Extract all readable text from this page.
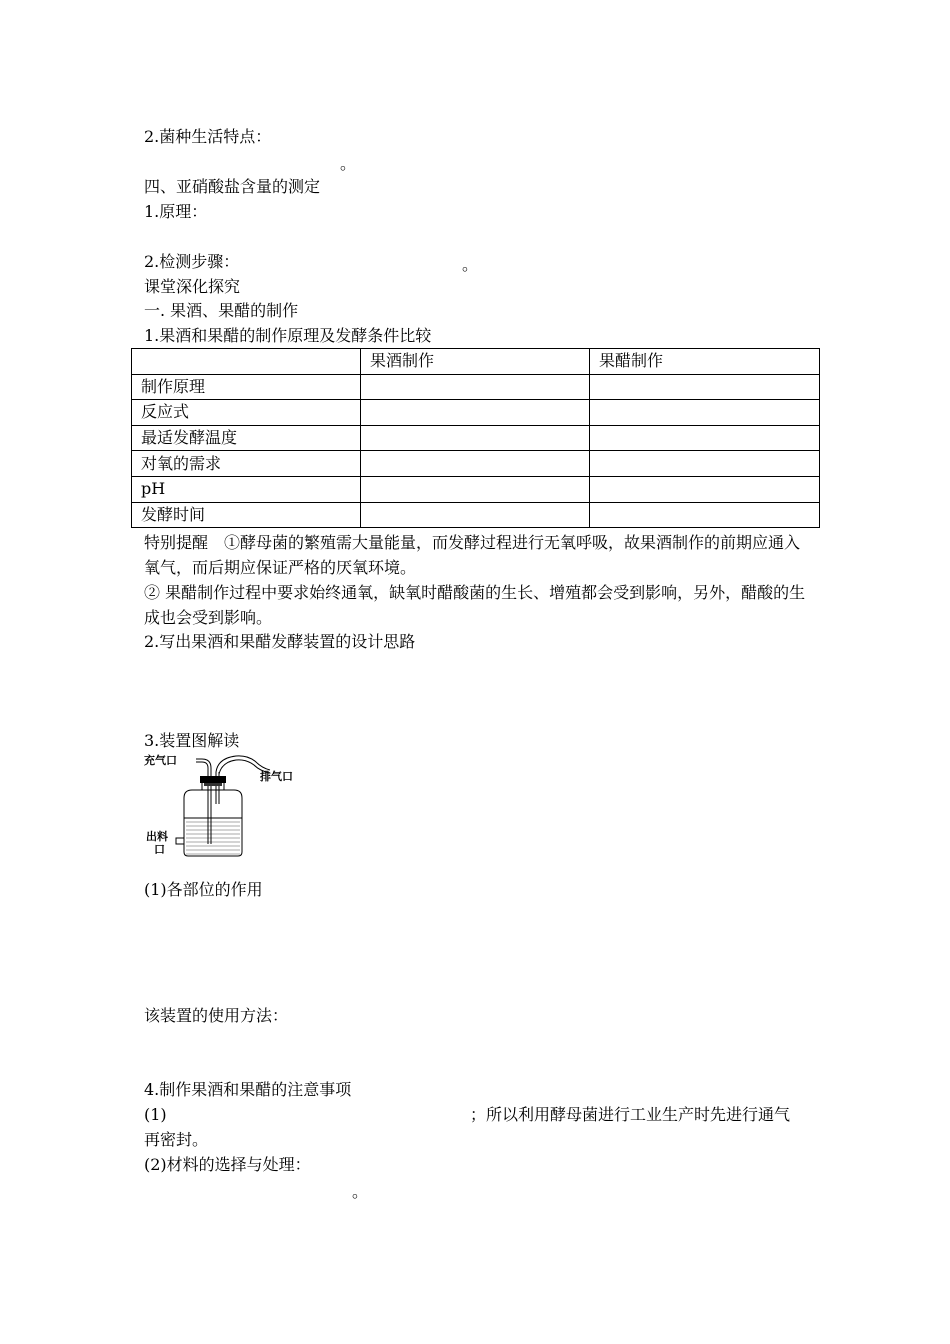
2.菌种生活特点：
。
四、亚硝酸盐含量的测定
1.原理：
2.检测步骤：	。
课堂深化探究
一. 果酒、果醋的制作
1.果酒和果醋的制作原理及发酵条件比较
	果酒制作	果醋制作
制作原理		
反应式		
最适发酵温度		
对氧的需求		
pH		
发酵时间		
特别提醒　①酵母菌的繁殖需大量能量，而发酵过程进行无氧呼吸，故果酒制作的前期应通入氧气，而后期应保证严格的厌氧环境。
② 果醋制作过程中要求始终通氧，缺氧时醋酸菌的生长、增殖都会受到影响，另外，醋酸的生成也会受到影响。
2.写出果酒和果醋发酵装置的设计思路
3.装置图解读
充气口
排气口
出料
口
(1)各部位的作用
该装置的使用方法：
4.制作果酒和果醋的注意事项
(1)	；所以利用酵母菌进行工业生产时先进行通气
再密封。
(2)材料的选择与处理：
。
